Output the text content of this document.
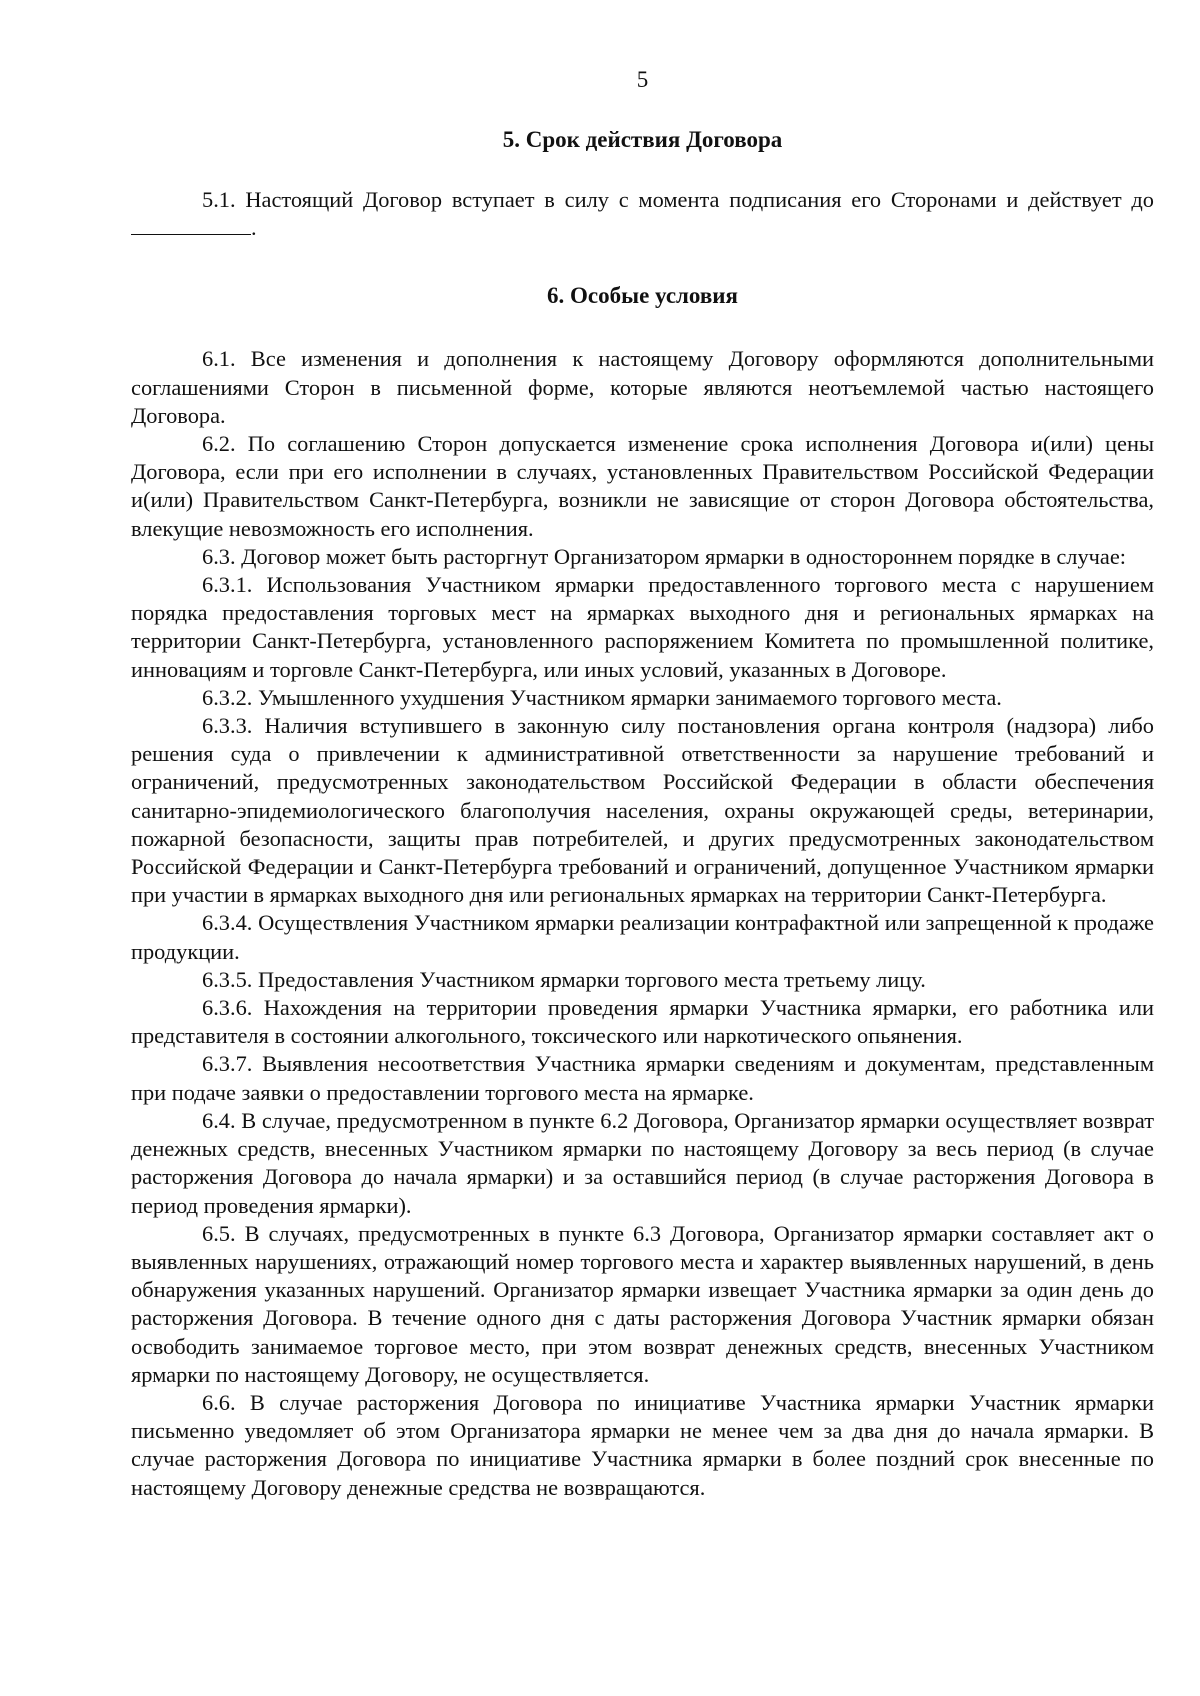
5
5. Срок действия Договора

5.1. Настоящий Договор вступает в силу с момента подписания его Сторонами и действует до .

6. Особые условия

6.1. Все изменения и дополнения к настоящему Договору оформляются дополнительными соглашениями Сторон в письменной форме, которые являются неотъемлемой частью настоящего Договора.

6.2. По соглашению Сторон допускается изменение срока исполнения Договора и(или) цены Договора, если при его исполнении в случаях, установленных Правительством Российской Федерации и(или) Правительством Санкт-Петербурга, возникли не зависящие от сторон Договора обстоятельства, влекущие невозможность его исполнения.

6.3. Договор может быть расторгнут Организатором ярмарки в одностороннем порядке в случае:

6.3.1. Использования Участником ярмарки предоставленного торгового места с нарушением порядка предоставления торговых мест на ярмарках выходного дня и региональных ярмарках на территории Санкт-Петербурга, установленного распоряжением Комитета по промышленной политике, инновациям и торговле Санкт-Петербурга, или иных условий, указанных в Договоре.

6.3.2. Умышленного ухудшения Участником ярмарки занимаемого торгового места.

6.3.3. Наличия вступившего в законную силу постановления органа контроля (надзора) либо решения суда о привлечении к административной ответственности за нарушение требований и ограничений, предусмотренных законодательством Российской Федерации в области обеспечения санитарно-эпидемиологического благополучия населения, охраны окружающей среды, ветеринарии, пожарной безопасности, защиты прав потребителей, и других предусмотренных законодательством Российской Федерации и Санкт-Петербурга требований и ограничений, допущенное Участником ярмарки при участии в ярмарках выходного дня или региональных ярмарках на территории Санкт-Петербурга.

6.3.4. Осуществления Участником ярмарки реализации контрафактной или запрещенной к продаже продукции.

6.3.5. Предоставления Участником ярмарки торгового места третьему лицу.

6.3.6. Нахождения на территории проведения ярмарки Участника ярмарки, его работника или представителя в состоянии алкогольного, токсического или наркотического опьянения.

6.3.7. Выявления несоответствия Участника ярмарки сведениям и документам, представленным при подаче заявки о предоставлении торгового места на ярмарке.

6.4. В случае, предусмотренном в пункте 6.2 Договора, Организатор ярмарки осуществляет возврат денежных средств, внесенных Участником ярмарки по настоящему Договору за весь период (в случае расторжения Договора до начала ярмарки) и за оставшийся период (в случае расторжения Договора в период проведения ярмарки).

6.5. В случаях, предусмотренных в пункте 6.3 Договора, Организатор ярмарки составляет акт о выявленных нарушениях, отражающий номер торгового места и характер выявленных нарушений, в день обнаружения указанных нарушений. Организатор ярмарки извещает Участника ярмарки за один день до расторжения Договора. В течение одного дня с даты расторжения Договора Участник ярмарки обязан освободить занимаемое торговое место, при этом возврат денежных средств, внесенных Участником ярмарки по настоящему Договору, не осуществляется.

6.6. В случае расторжения Договора по инициативе Участника ярмарки Участник ярмарки письменно уведомляет об этом Организатора ярмарки не менее чем за два дня до начала ярмарки. В случае расторжения Договора по инициативе Участника ярмарки в более поздний срок внесенные по настоящему Договору денежные средства не возвращаются.
